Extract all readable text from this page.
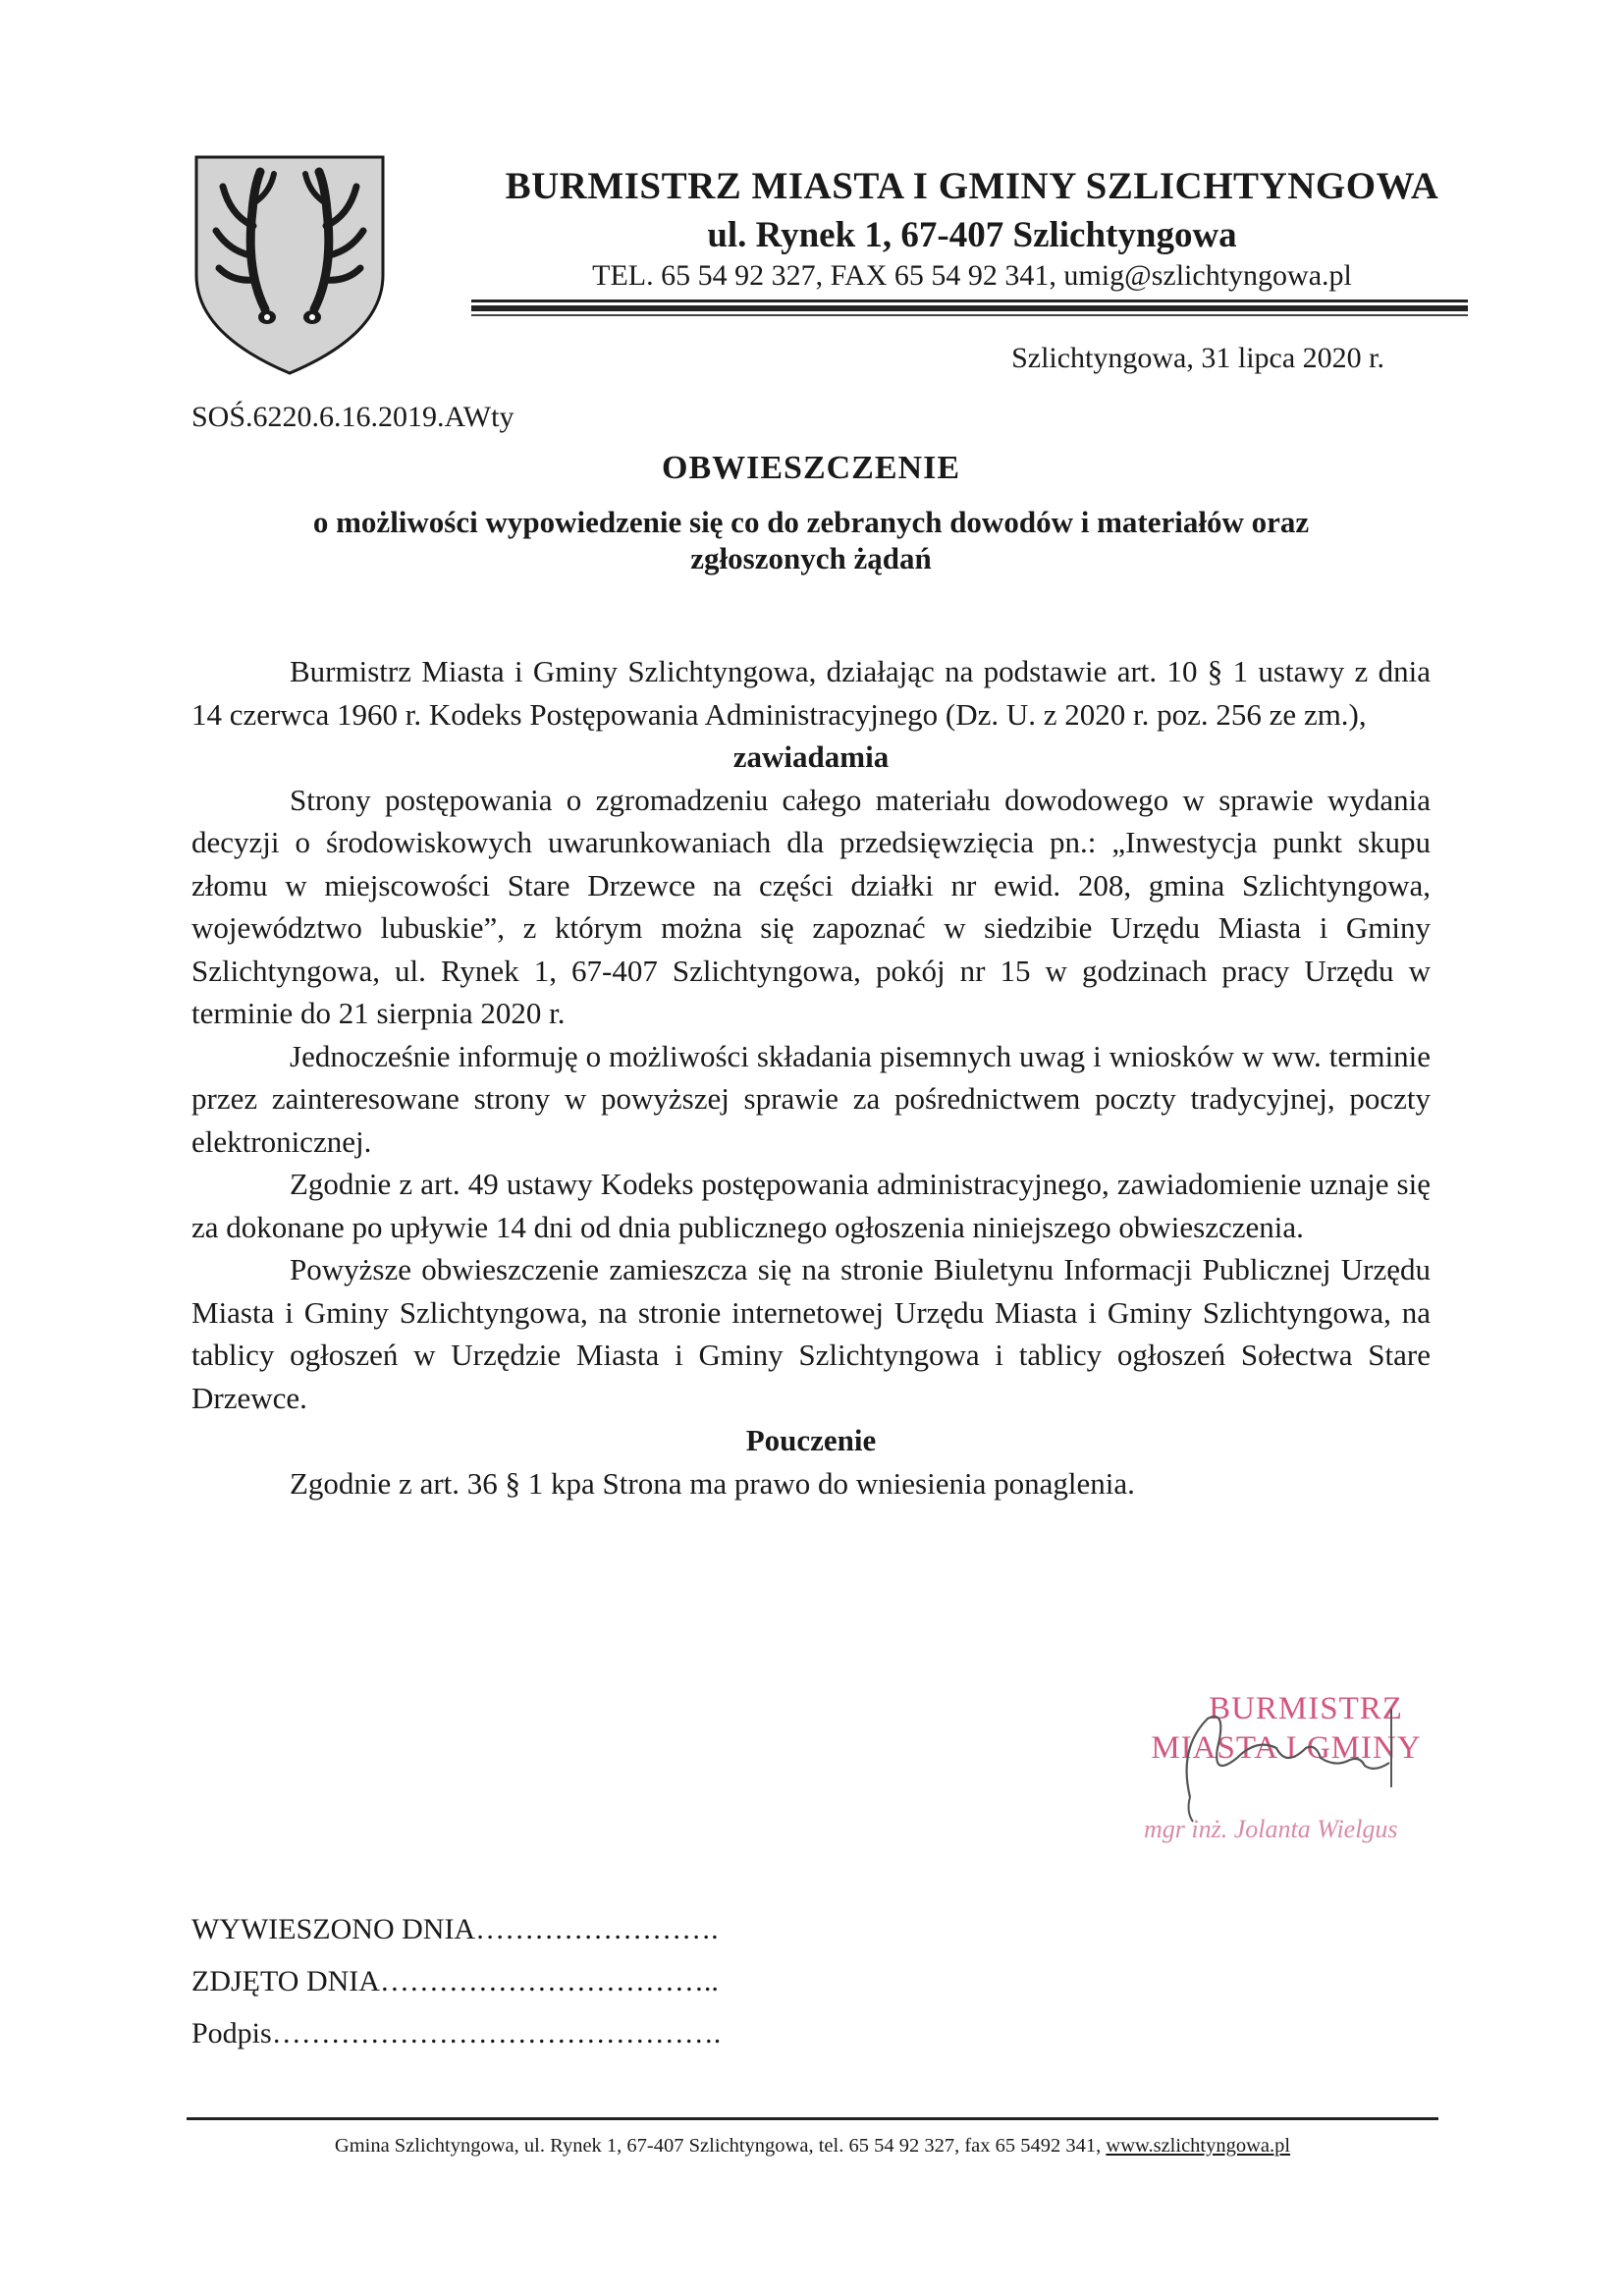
BURMISTRZ MIASTA I GMINY SZLICHTYNGOWA
ul. Rynek 1, 67-407 Szlichtyngowa
TEL. 65 54 92 327, FAX 65 54 92 341, umig@szlichtyngowa.pl
Szlichtyngowa, 31 lipca 2020 r.
SOŚ.6220.6.16.2019.AWty
OBWIESZCZENIE
o możliwości wypowiedzenie się co do zebranych dowodów i materiałów oraz zgłoszonych żądań

Burmistrz Miasta i Gminy Szlichtyngowa, działając na podstawie art. 10 § 1 ustawy z dnia 14 czerwca 1960 r. Kodeks Postępowania Administracyjnego (Dz. U. z 2020 r. poz. 256 ze zm.),

zawiadamia

Strony postępowania o zgromadzeniu całego materiału dowodowego w sprawie wydania decyzji o środowiskowych uwarunkowaniach dla przedsięwzięcia pn.: „Inwestycja punkt skupu złomu w miejscowości Stare Drzewce na części działki nr ewid. 208, gmina Szlichtyngowa, województwo lubuskie”, z którym można się zapoznać w siedzibie Urzędu Miasta i Gminy Szlichtyngowa, ul. Rynek 1, 67-407 Szlichtyngowa, pokój nr 15 w godzinach pracy Urzędu w terminie do 21 sierpnia 2020 r.

Jednocześnie informuję o możliwości składania pisemnych uwag i wniosków w ww. terminie przez zainteresowane strony w powyższej sprawie za pośrednictwem poczty tradycyjnej, poczty elektronicznej.

Zgodnie z art. 49 ustawy Kodeks postępowania administracyjnego, zawiadomienie uznaje się za dokonane po upływie 14 dni od dnia publicznego ogłoszenia niniejszego obwieszczenia.

Powyższe obwieszczenie zamieszcza się na stronie Biuletynu Informacji Publicznej Urzędu Miasta i Gminy Szlichtyngowa, na stronie internetowej Urzędu Miasta i Gminy Szlichtyngowa, na tablicy ogłoszeń w Urzędzie Miasta i Gminy Szlichtyngowa i tablicy ogłoszeń Sołectwa Stare Drzewce.

Pouczenie

Zgodnie z art. 36 § 1 kpa Strona ma prawo do wniesienia ponaglenia.

BURMISTRZ
MIASTA I GMINY
mgr inż. Jolanta Wielgus
WYWIESZONO DNIA…………………….
ZDJĘTO DNIA……………………………..
Podpis……………………………………….
Gmina Szlichtyngowa, ul. Rynek 1, 67-407 Szlichtyngowa, tel. 65 54 92 327, fax 65 5492 341, www.szlichtyngowa.pl
